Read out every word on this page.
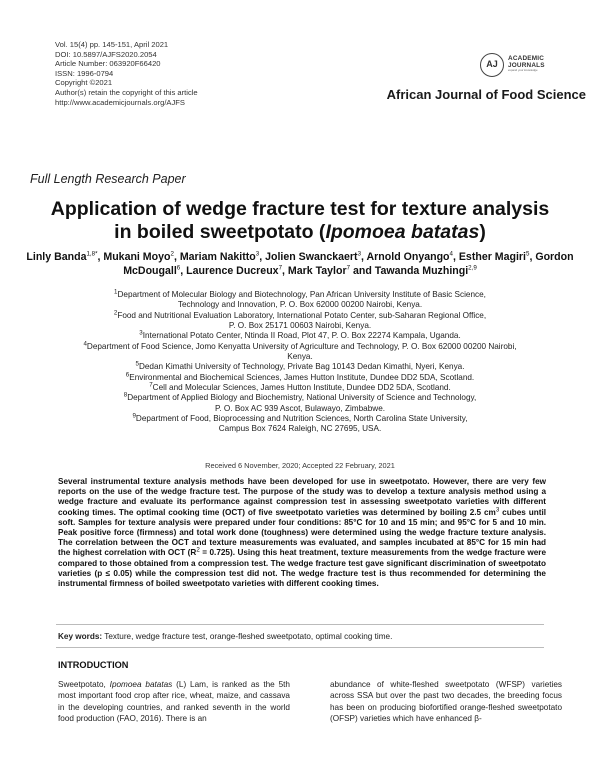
Vol. 15(4) pp. 145-151, April 2021
DOI: 10.5897/AJFS2020.2054
Article Number: 063920F66420
ISSN: 1996-0794
Copyright ©2021
Author(s) retain the copyright of this article
http://www.academicjournals.org/AJFS
AJ
ACADEMIC
JOURNALS
expand your knowledge
African Journal of Food Science
Full Length Research Paper
Application of wedge fracture test for texture analysis
in boiled sweetpotato (Ipomoea batatas)
Linly Banda$^{1,8*}$, Mukani Moyo$^2$, Mariam Nakitto$^3$, Jolien Swanckaert$^3$, Arnold Onyango$^4$, Esther Magiri$^5$, Gordon McDougall$^6$, Laurence Ducreux$^7$, Mark Taylor$^7$ and Tawanda Muzhingi$^{2,9}$
$^1$Department of Molecular Biology and Biotechnology, Pan African University Institute of Basic Science,
Technology and Innovation, P. O. Box 62000 00200 Nairobi, Kenya.
$^2$Food and Nutritional Evaluation Laboratory, International Potato Center, sub-Saharan Regional Office,
P. O. Box 25171 00603 Nairobi, Kenya.
$^3$International Potato Center, Ntinda II Road, Plot 47, P. O. Box 22274 Kampala, Uganda.
$^4$Department of Food Science, Jomo Kenyatta University of Agriculture and Technology, P. O. Box 62000 00200 Nairobi,
Kenya.
$^5$Dedan Kimathi University of Technology, Private Bag 10143 Dedan Kimathi, Nyeri, Kenya.
$^6$Environmental and Biochemical Sciences, James Hutton Institute, Dundee DD2 5DA, Scotland.
$^7$Cell and Molecular Sciences, James Hutton Institute, Dundee DD2 5DA, Scotland.
$^8$Department of Applied Biology and Biochemistry, National University of Science and Technology,
P. O. Box AC 939 Ascot, Bulawayo, Zimbabwe.
$^9$Department of Food, Bioprocessing and Nutrition Sciences, North Carolina State University,
Campus Box 7624 Raleigh, NC 27695, USA.
Received 6 November, 2020; Accepted 22 February, 2021
Several instrumental texture analysis methods have been developed for use in sweetpotato. However, there are very few reports on the use of the wedge fracture test. The purpose of the study was to develop a texture analysis method using a wedge fracture and evaluate its performance against compression test in assessing sweetpotato varieties with different cooking times. The optimal cooking time (OCT) of five sweetpotato varieties was determined by boiling 2.5 $cm^3$ cubes until soft. Samples for texture analysis were prepared under four conditions: 85°C for 10 and 15 min; and 95°C for 5 and 10 min. Peak positive force (firmness) and total work done (toughness) were determined using the wedge fracture texture analysis. The correlation between the OCT and texture measurements was evaluated, and samples incubated at 85°C for 15 min had the highest correlation with OCT $(R^2 = 0.725)$. Using this heat treatment, texture measurements from the wedge fracture were compared to those obtained from a compression test. The wedge fracture test gave significant discrimination of sweetpotato varieties (p ≤ 0.05) while the compression test did not. The wedge fracture test is thus recommended for determining the instrumental firmness of boiled sweetpotato varieties with different cooking times.
Key words: Texture, wedge fracture test, orange-fleshed sweetpotato, optimal cooking time.
INTRODUCTION
Sweetpotato, Ipomoea batatas (L) Lam, is ranked as the 5th most important food crop after rice, wheat, maize, and cassava in the developing countries, and ranked seventh in the world food production (FAO, 2016). There is an
abundance of white-fleshed sweetpotato (WFSP) varieties across SSA but over the past two decades, the breeding focus has been on producing biofortified orange-fleshed sweetpotato (OFSP) varieties which have enhanced β-
